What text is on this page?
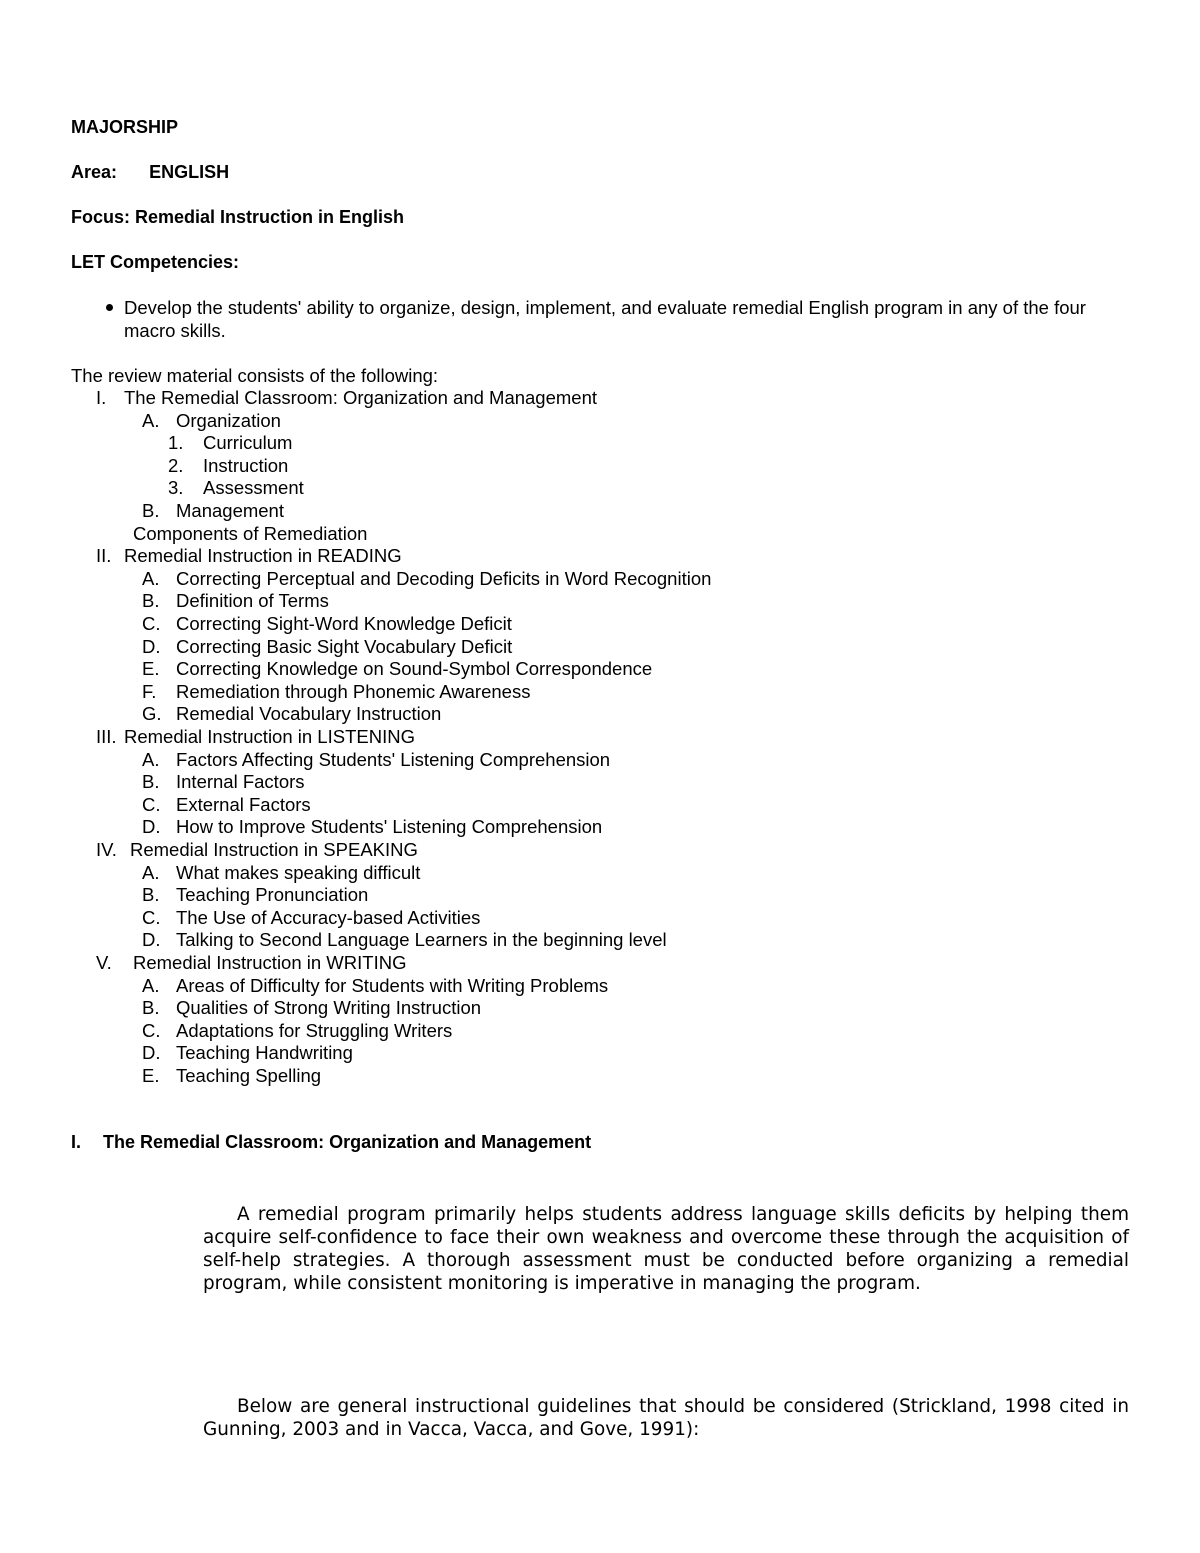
MAJORSHIP
Area: ENGLISH
Focus: Remedial Instruction in English
LET Competencies:
Develop the students' ability to organize, design, implement, and evaluate remedial English program in any of the four macro skills.
The review material consists of the following:
I. The Remedial Classroom: Organization and Management
A. Organization
1. Curriculum
2. Instruction
3. Assessment
B. Management
Components of Remediation
II. Remedial Instruction in READING
A. Correcting Perceptual and Decoding Deficits in Word Recognition
B. Definition of Terms
C. Correcting Sight-Word Knowledge Deficit
D. Correcting Basic Sight Vocabulary Deficit
E. Correcting Knowledge on Sound-Symbol Correspondence
F. Remediation through Phonemic Awareness
G. Remedial Vocabulary Instruction
III. Remedial Instruction in LISTENING
A. Factors Affecting Students' Listening Comprehension
B. Internal Factors
C. External Factors
D. How to Improve Students' Listening Comprehension
IV. Remedial Instruction in SPEAKING
A. What makes speaking difficult
B. Teaching Pronunciation
C. The Use of Accuracy-based Activities
D. Talking to Second Language Learners in the beginning level
V. Remedial Instruction in WRITING
A. Areas of Difficulty for Students with Writing Problems
B. Qualities of Strong Writing Instruction
C. Adaptations for Struggling Writers
D. Teaching Handwriting
E. Teaching Spelling
I. The Remedial Classroom: Organization and Management
A remedial program primarily helps students address language skills deficits by helping them acquire self-confidence to face their own weakness and overcome these through the acquisition of self-help strategies. A thorough assessment must be conducted before organizing a remedial program, while consistent monitoring is imperative in managing the program.
Below are general instructional guidelines that should be considered (Strickland, 1998 cited in Gunning, 2003 and in Vacca, Vacca, and Gove, 1991):
